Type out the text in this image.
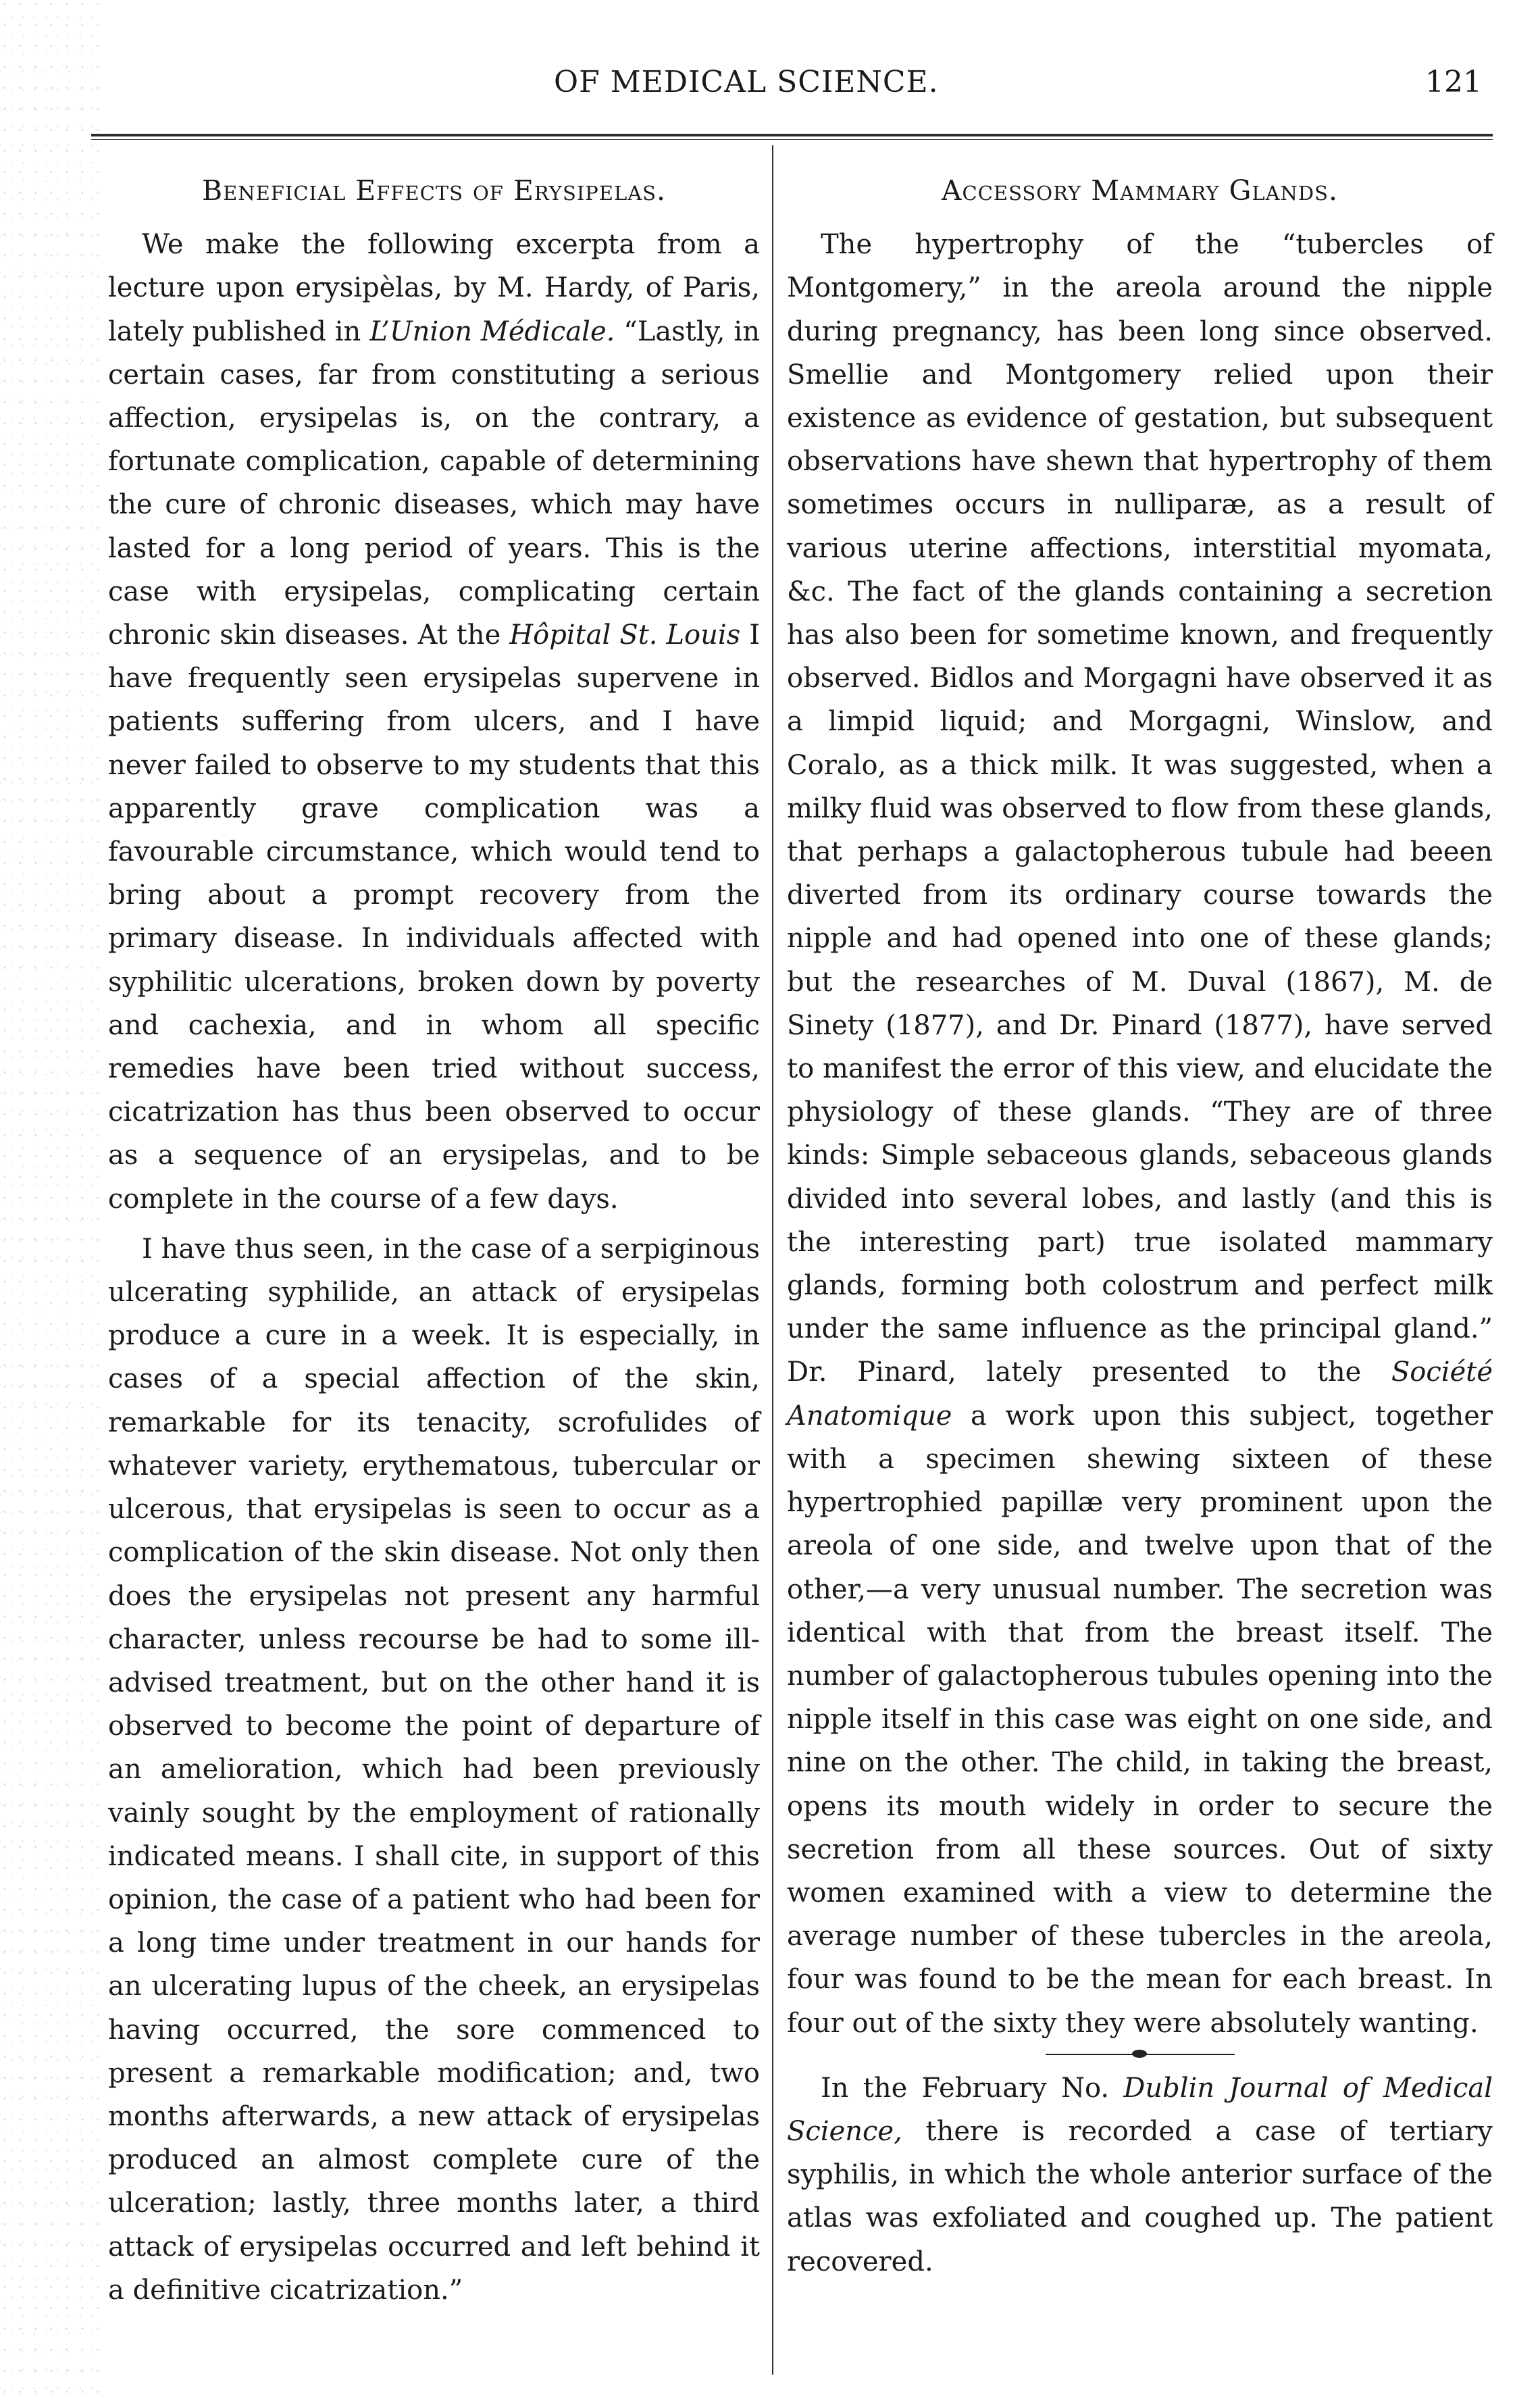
OF MEDICAL SCIENCE.	121
Beneficial Effects of Erysipelas.

We make the following excerpta from a lecture upon erysipèlas, by M. Hardy, of Paris, lately published in L’Union Médicale. “Lastly, in certain cases, far from constituting a serious affection, erysipelas is, on the contrary, a fortunate complication, capable of determining the cure of chronic diseases, which may have lasted for a long period of years. This is the case with erysipelas, complicating certain chronic skin diseases. At the Hôpital St. Louis I have frequently seen erysipelas supervene in patients suffering from ulcers, and I have never failed to observe to my students that this apparently grave complication was a favourable circumstance, which would tend to bring about a prompt recovery from the primary disease. In individuals affected with syphilitic ulcerations, broken down by poverty and cachexia, and in whom all specific remedies have been tried without success, cicatrization has thus been observed to occur as a sequence of an erysipelas, and to be complete in the course of a few days.

I have thus seen, in the case of a serpiginous ulcerating syphilide, an attack of erysipelas produce a cure in a week. It is especially, in cases of a special affection of the skin, remarkable for its tenacity, scrofulides of whatever variety, erythematous, tubercular or ulcerous, that erysipelas is seen to occur as a complication of the skin disease. Not only then does the erysipelas not present any harmful character, unless recourse be had to some ill-advised treatment, but on the other hand it is observed to become the point of departure of an amelioration, which had been previously vainly sought by the employment of rationally indicated means. I shall cite, in support of this opinion, the case of a patient who had been for a long time under treatment in our hands for an ulcerating lupus of the cheek, an erysipelas having occurred, the sore commenced to present a remarkable modification; and, two months afterwards, a new attack of erysipelas produced an almost complete cure of the ulceration; lastly, three months later, a third attack of erysipelas occurred and left behind it a definitive cicatrization.”

Accessory Mammary Glands.

The hypertrophy of the “tubercles of Montgomery,” in the areola around the nipple during pregnancy, has been long since observed. Smellie and Montgomery relied upon their existence as evidence of gestation, but subsequent observations have shewn that hypertrophy of them sometimes occurs in nulliparæ, as a result of various uterine affections, interstitial myomata, &c. The fact of the glands containing a secretion has also been for sometime known, and frequently observed. Bidlos and Morgagni have observed it as a limpid liquid; and Morgagni, Winslow, and Coralo, as a thick milk. It was suggested, when a milky fluid was observed to flow from these glands, that perhaps a galactopherous tubule had beeen diverted from its ordinary course towards the nipple and had opened into one of these glands; but the researches of M. Duval (1867), M. de Sinety (1877), and Dr. Pinard (1877), have served to manifest the error of this view, and elucidate the physiology of these glands. “They are of three kinds: Simple sebaceous glands, sebaceous glands divided into several lobes, and lastly (and this is the interesting part) true isolated mammary glands, forming both colostrum and perfect milk under the same influence as the principal gland.” Dr. Pinard, lately presented to the Société Anatomique a work upon this subject, together with a specimen shewing sixteen of these hypertrophied papillæ very prominent upon the areola of one side, and twelve upon that of the other,—a very unusual number. The secretion was identical with that from the breast itself. The number of galactopherous tubules opening into the nipple itself in this case was eight on one side, and nine on the other. The child, in taking the breast, opens its mouth widely in order to secure the secretion from all these sources. Out of sixty women examined with a view to determine the average number of these tubercles in the areola, four was found to be the mean for each breast. In four out of the sixty they were absolutely wanting.

In the February No. Dublin Journal of Medical Science, there is recorded a case of tertiary syphilis, in which the whole anterior surface of the atlas was exfoliated and coughed up. The patient recovered.
